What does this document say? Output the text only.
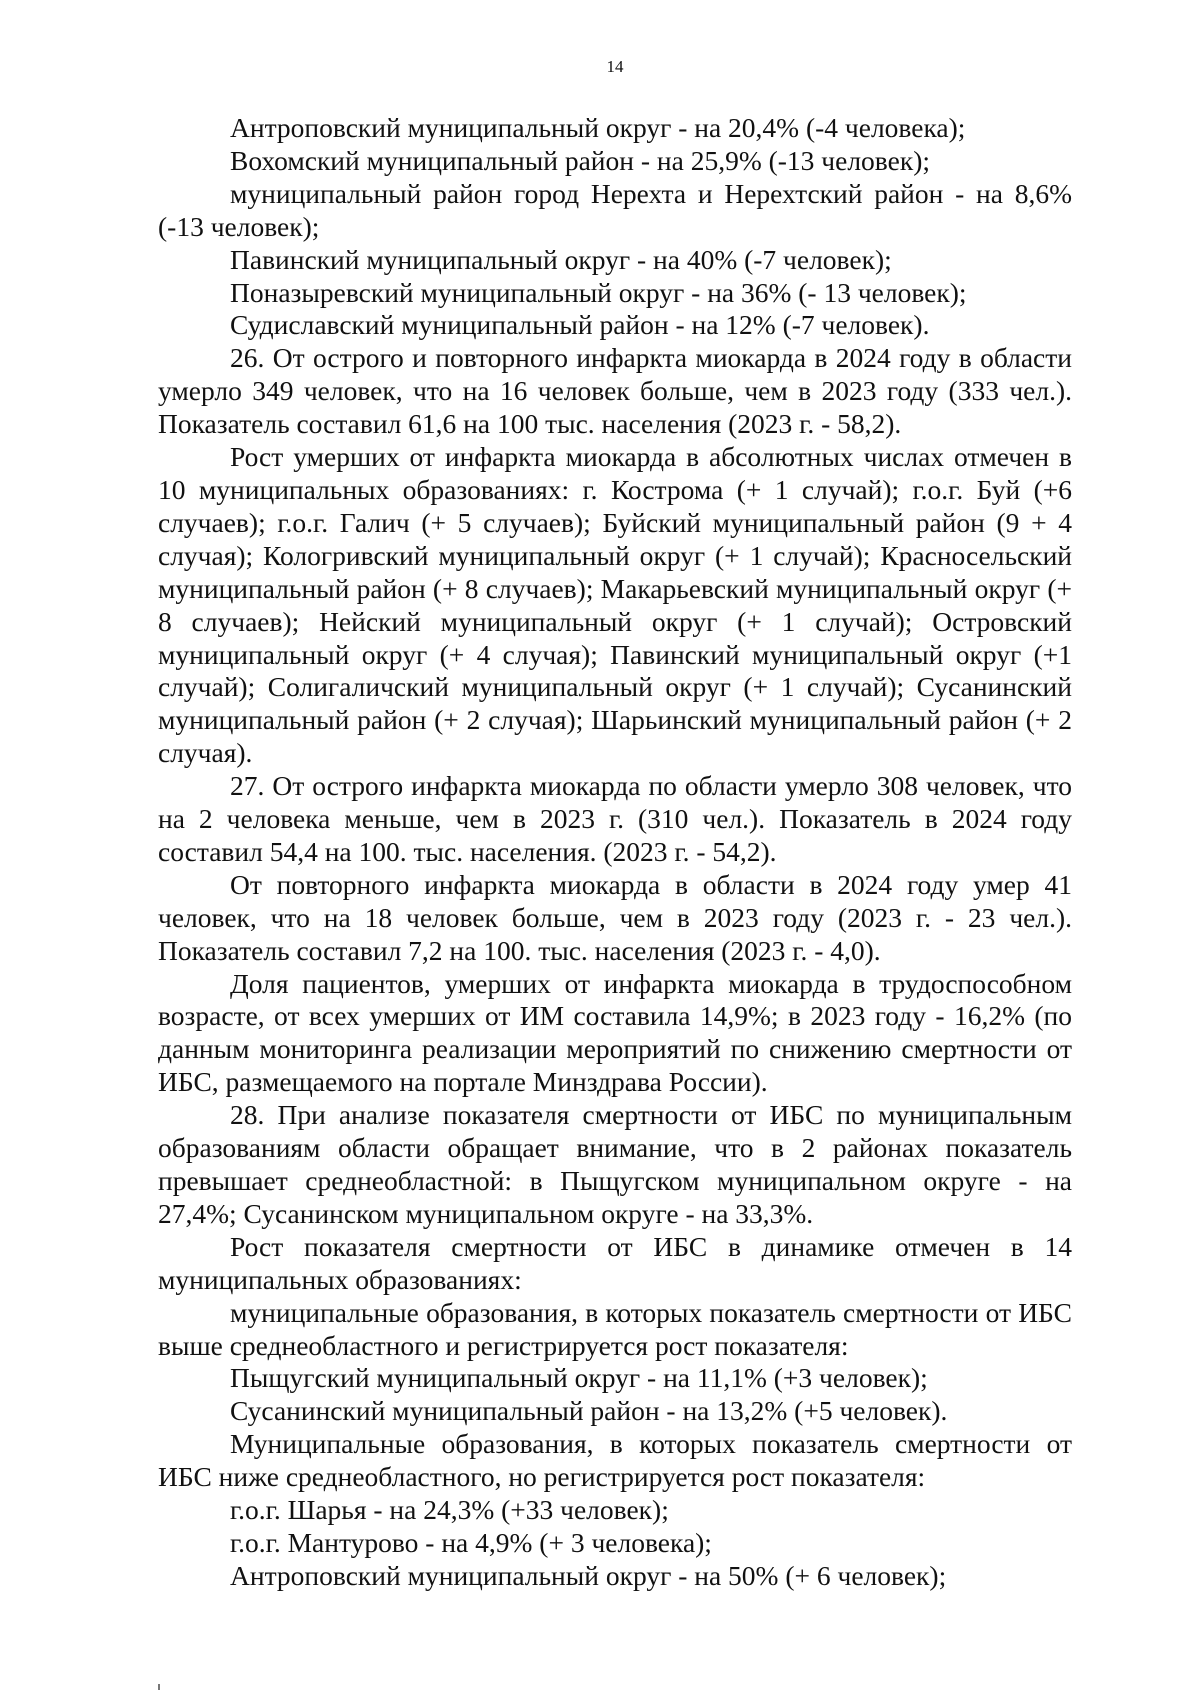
14

Антроповский муниципальный округ - на 20,4% (-4 человека);

Вохомский муниципальный район - на 25,9% (-13 человек);

муниципальный район город Нерехта и Нерехтский район - на 8,6% (-13 человек);

Павинский муниципальный округ - на 40% (-7 человек);

Поназыревский муниципальный округ - на 36% (- 13 человек);

Судиславский муниципальный район - на 12% (-7 человек).

26. От острого и повторного инфаркта миокарда в 2024 году в области умерло 349 человек, что на 16 человек больше, чем в 2023 году (333 чел.). Показатель составил 61,6 на 100 тыс. населения (2023 г. - 58,2).

Рост умерших от инфаркта миокарда в абсолютных числах отмечен в 10 муниципальных образованиях: г. Кострома (+ 1 случай); г.о.г. Буй (+6 случаев); г.о.г. Галич (+ 5 случаев); Буйский муниципальный район (9 + 4 случая); Кологривский муниципальный округ (+ 1 случай); Красносельский муниципальный район (+ 8 случаев); Макарьевский муниципальный округ (+ 8 случаев); Нейский муниципальный округ (+ 1 случай); Островский муниципальный округ (+ 4 случая); Павинский муниципальный округ (+1 случай); Солигаличский муниципальный округ (+ 1 случай); Сусанинский муниципальный район (+ 2 случая); Шарьинский муниципальный район (+ 2 случая).

27. От острого инфаркта миокарда по области умерло 308 человек, что на 2 человека меньше, чем в 2023 г. (310 чел.). Показатель в 2024 году составил 54,4 на 100. тыс. населения. (2023 г. - 54,2).

От повторного инфаркта миокарда в области в 2024 году умер 41 человек, что на 18 человек больше, чем в 2023 году (2023 г. - 23 чел.). Показатель составил 7,2 на 100. тыс. населения (2023 г. - 4,0).

Доля пациентов, умерших от инфаркта миокарда в трудоспособном возрасте, от всех умерших от ИМ составила 14,9%; в 2023 году - 16,2% (по данным мониторинга реализации мероприятий по снижению смертности от ИБС, размещаемого на портале Минздрава России).

28. При анализе показателя смертности от ИБС по муниципальным образованиям области обращает внимание, что в 2 районах показатель превышает среднеобластной: в Пыщугском муниципальном округе - на 27,4%; Сусанинском муниципальном округе - на 33,3%.

Рост показателя смертности от ИБС в динамике отмечен в 14 муниципальных образованиях:

муниципальные образования, в которых показатель смертности от ИБС выше среднеобластного и регистрируется рост показателя:

Пыщугский муниципальный округ - на 11,1% (+3 человек);

Сусанинский муниципальный район - на 13,2% (+5 человек).

Муниципальные образования, в которых показатель смертности от ИБС ниже среднеобластного, но регистрируется рост показателя:

г.о.г. Шарья - на 24,3% (+33 человек);

г.о.г. Мантурово - на 4,9% (+ 3 человека);

Антроповский муниципальный округ - на 50% (+ 6 человек);
